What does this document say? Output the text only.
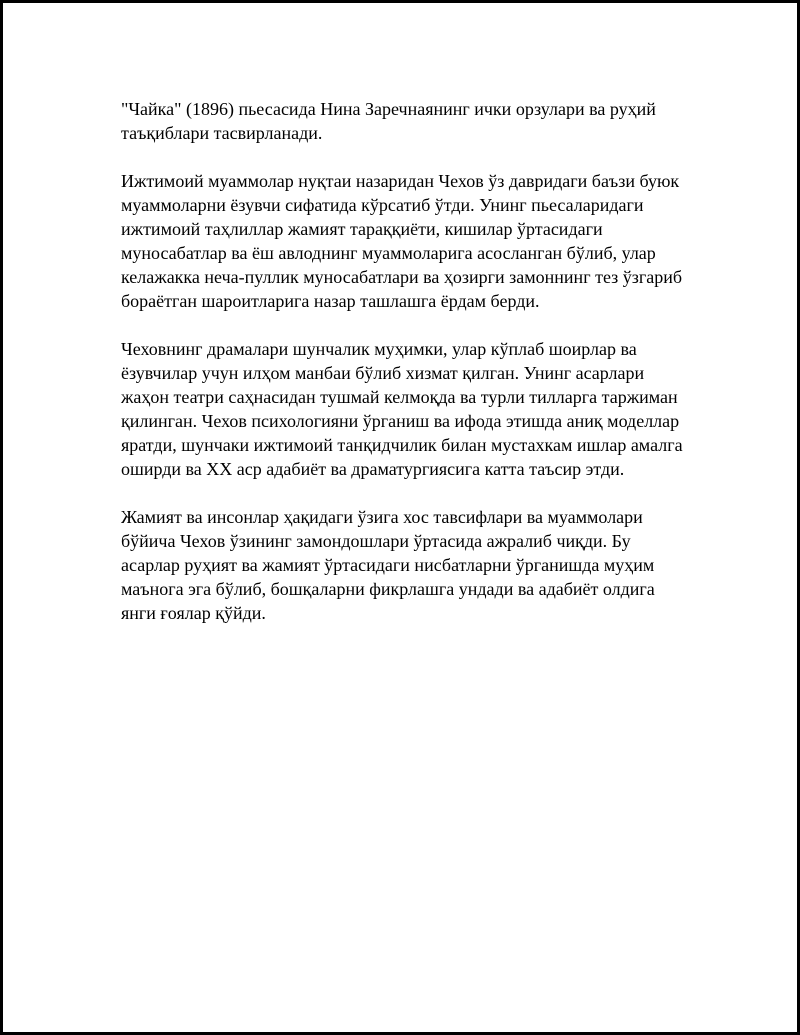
"Чайка" (1896) пьесасида Нина Заречнаянинг ички орзулари ва руҳий таъқиблари тасвирланади.

Ижтимоий муаммолар нуқтаи назаридан Чехов ўз давридаги баъзи буюк муаммоларни ёзувчи сифатида кўрсатиб ўтди. Унинг пьесаларидаги ижтимоий таҳлиллар жамият тараққиёти, кишилар ўртасидаги муносабатлар ва ёш авлоднинг муаммоларига асосланган бўлиб, улар келажакка неча-пуллик муносабатлари ва ҳозирги замоннинг тез ўзгариб бораётган шароитларига назар ташлашга ёрдам берди.

Чеховнинг драмалари шунчалик муҳимки, улар кўплаб шоирлар ва ёзувчилар учун илҳом манбаи бўлиб хизмат қилган. Унинг асарлари жаҳон театри саҳнасидан тушмай келмоқда ва турли тилларга таржиман қилинган. Чехов психологияни ўрганиш ва ифода этишда аниқ моделлар яратди, шунчаки ижтимоий танқидчилик билан мустахкам ишлар амалга оширди ва XX аср адабиёт ва драматургиясига катта таъсир этди.

Жамият ва инсонлар ҳақидаги ўзига хос тавсифлари ва муаммолари бўйича Чехов ўзининг замондошлари ўртасида ажралиб чиқди. Бу асарлар руҳият ва жамият ўртасидаги нисбатларни ўрганишда муҳим маънога эга бўлиб, бошқаларни фикрлашга ундади ва адабиёт олдига янги ғоялар қўйди.
